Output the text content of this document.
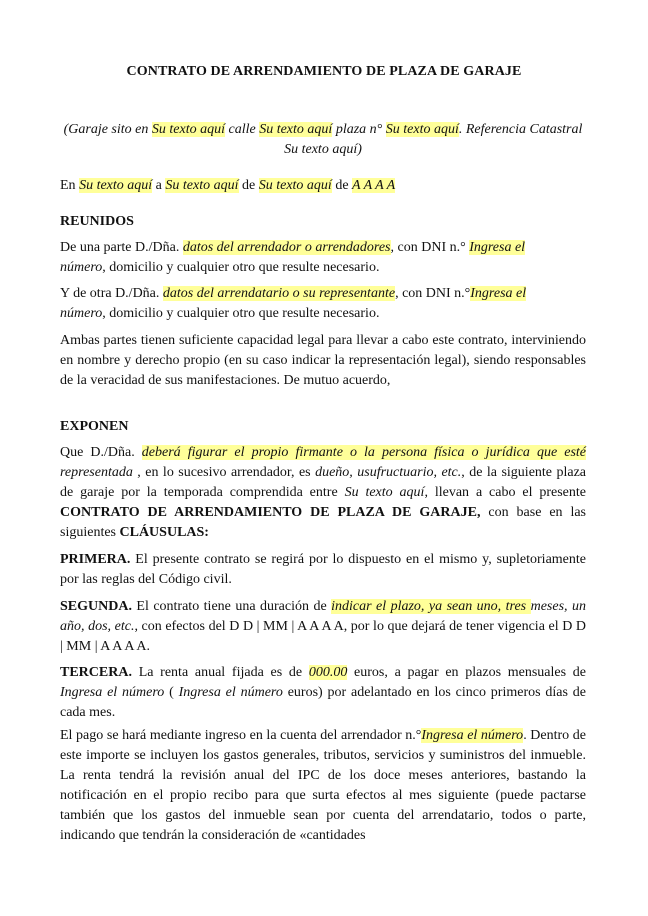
CONTRATO DE ARRENDAMIENTO DE PLAZA DE GARAJE
(Garaje sito en Su texto aquí calle Su texto aquí plaza n° Su texto aquí. Referencia Catastral Su texto aquí)
En Su texto aquí a Su texto aquí de Su texto aquí de A A A A
REUNIDOS
De una parte D./Dña. datos del arrendador o arrendadores, con DNI n.° Ingresa el
número, domicilio y cualquier otro que resulte necesario.
Y de otra D./Dña. datos del arrendatario o su representante, con DNI n.°Ingresa el
número, domicilio y cualquier otro que resulte necesario.
Ambas partes tienen suficiente capacidad legal para llevar a cabo este contrato, interviniendo en nombre y derecho propio (en su caso indicar la representación legal), siendo responsables de la veracidad de sus manifestaciones. De mutuo acuerdo,
EXPONEN
Que D./Dña. deberá figurar el propio firmante o la persona física o jurídica que esté representada , en lo sucesivo arrendador, es dueño, usufructuario, etc., de la siguiente plaza de garaje por la temporada comprendida entre Su texto aquí, llevan a cabo el presente CONTRATO DE ARRENDAMIENTO DE PLAZA DE GARAJE, con base en las siguientes CLÁUSULAS:
PRIMERA. El presente contrato se regirá por lo dispuesto en el mismo y, supletoriamente por las reglas del Código civil.
SEGUNDA. El contrato tiene una duración de indicar el plazo, ya sean uno, tres meses, un año, dos, etc., con efectos del D D | MM | A A A A, por lo que dejará de tener vigencia el D D | MM | A A A A.
TERCERA. La renta anual fijada es de 000.00 euros, a pagar en plazos mensuales de Ingresa el número ( Ingresa el número euros) por adelantado en los cinco primeros días de cada mes.
El pago se hará mediante ingreso en la cuenta del arrendador n.°Ingresa el número. Dentro de este importe se incluyen los gastos generales, tributos, servicios y suministros del inmueble. La renta tendrá la revisión anual del IPC de los doce meses anteriores, bastando la notificación en el propio recibo para que surta efectos al mes siguiente (puede pactarse también que los gastos del inmueble sean por cuenta del arrendatario, todos o parte, indicando que tendrán la consideración de «cantidades
